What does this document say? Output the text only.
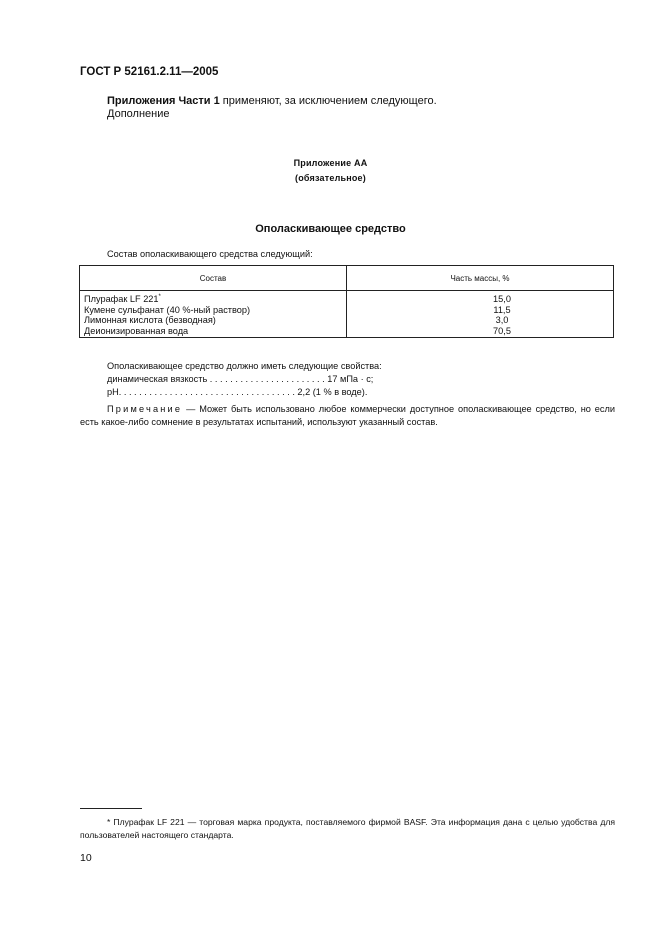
ГОСТ Р 52161.2.11—2005
Приложения Части 1 применяют, за исключением следующего.
Дополнение
Приложение АА
(обязательное)
Ополаскивающее средство
Состав ополаскивающего средства следующий:
Состав	Часть массы, %
Плурафак LF 221*	15,0
Кумене сульфанат (40 %-ный раствор)	11,5
Лимонная кислота (безводная)	3,0
Деионизированная вода	70,5
Ополаскивающее средство должно иметь следующие свойства:
динамическая вязкость . . . . . . . . . . . . . . . . . . . . . . . 17 мПа · с;
pH. . . . . . . . . . . . . . . . . . . . . . . . . . . . . . . . . . . 2,2 (1 % в воде).
Примечание — Может быть использовано любое коммерчески доступное ополаскивающее средство, но если есть какое-либо сомнение в результатах испытаний, используют указанный состав.
* Плурафак LF 221 — торговая марка продукта, поставляемого фирмой BASF. Эта информация дана с целью удобства для пользователей настоящего стандарта.
10
